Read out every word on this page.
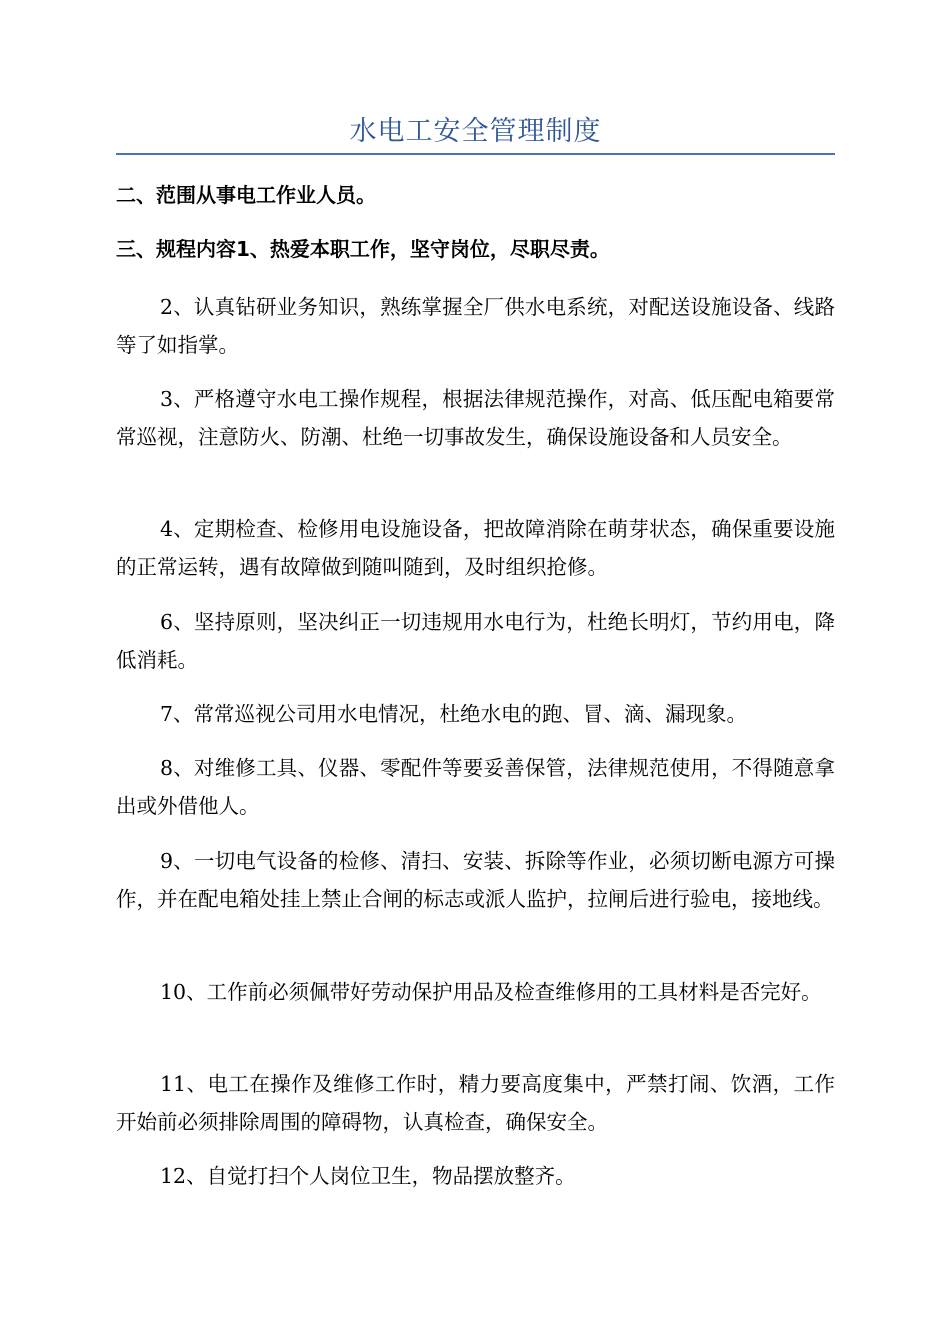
水电工安全管理制度
二、范围从事电工作业人员。
三、规程内容1、热爱本职工作，坚守岗位，尽职尽责。

2、认真钻研业务知识，熟练掌握全厂供水电系统，对配送设施设备、线路等了如指掌。

3、严格遵守水电工操作规程，根据法律规范操作，对高、低压配电箱要常常巡视，注意防火、防潮、杜绝一切事故发生，确保设施设备和人员安全。

4、定期检查、检修用电设施设备，把故障消除在萌芽状态，确保重要设施的正常运转，遇有故障做到随叫随到，及时组织抢修。

6、坚持原则，坚决纠正一切违规用水电行为，杜绝长明灯，节约用电，降低消耗。

7、常常巡视公司用水电情况，杜绝水电的跑、冒、滴、漏现象。

8、对维修工具、仪器、零配件等要妥善保管，法律规范使用，不得随意拿出或外借他人。

9、一切电气设备的检修、清扫、安装、拆除等作业，必须切断电源方可操作，并在配电箱处挂上禁止合闸的标志或派人监护，拉闸后进行验电，接地线。

10、工作前必须佩带好劳动保护用品及检查维修用的工具材料是否完好。

11、电工在操作及维修工作时，精力要高度集中，严禁打闹、饮酒，工作开始前必须排除周围的障碍物，认真检查，确保安全。

12、自觉打扫个人岗位卫生，物品摆放整齐。
